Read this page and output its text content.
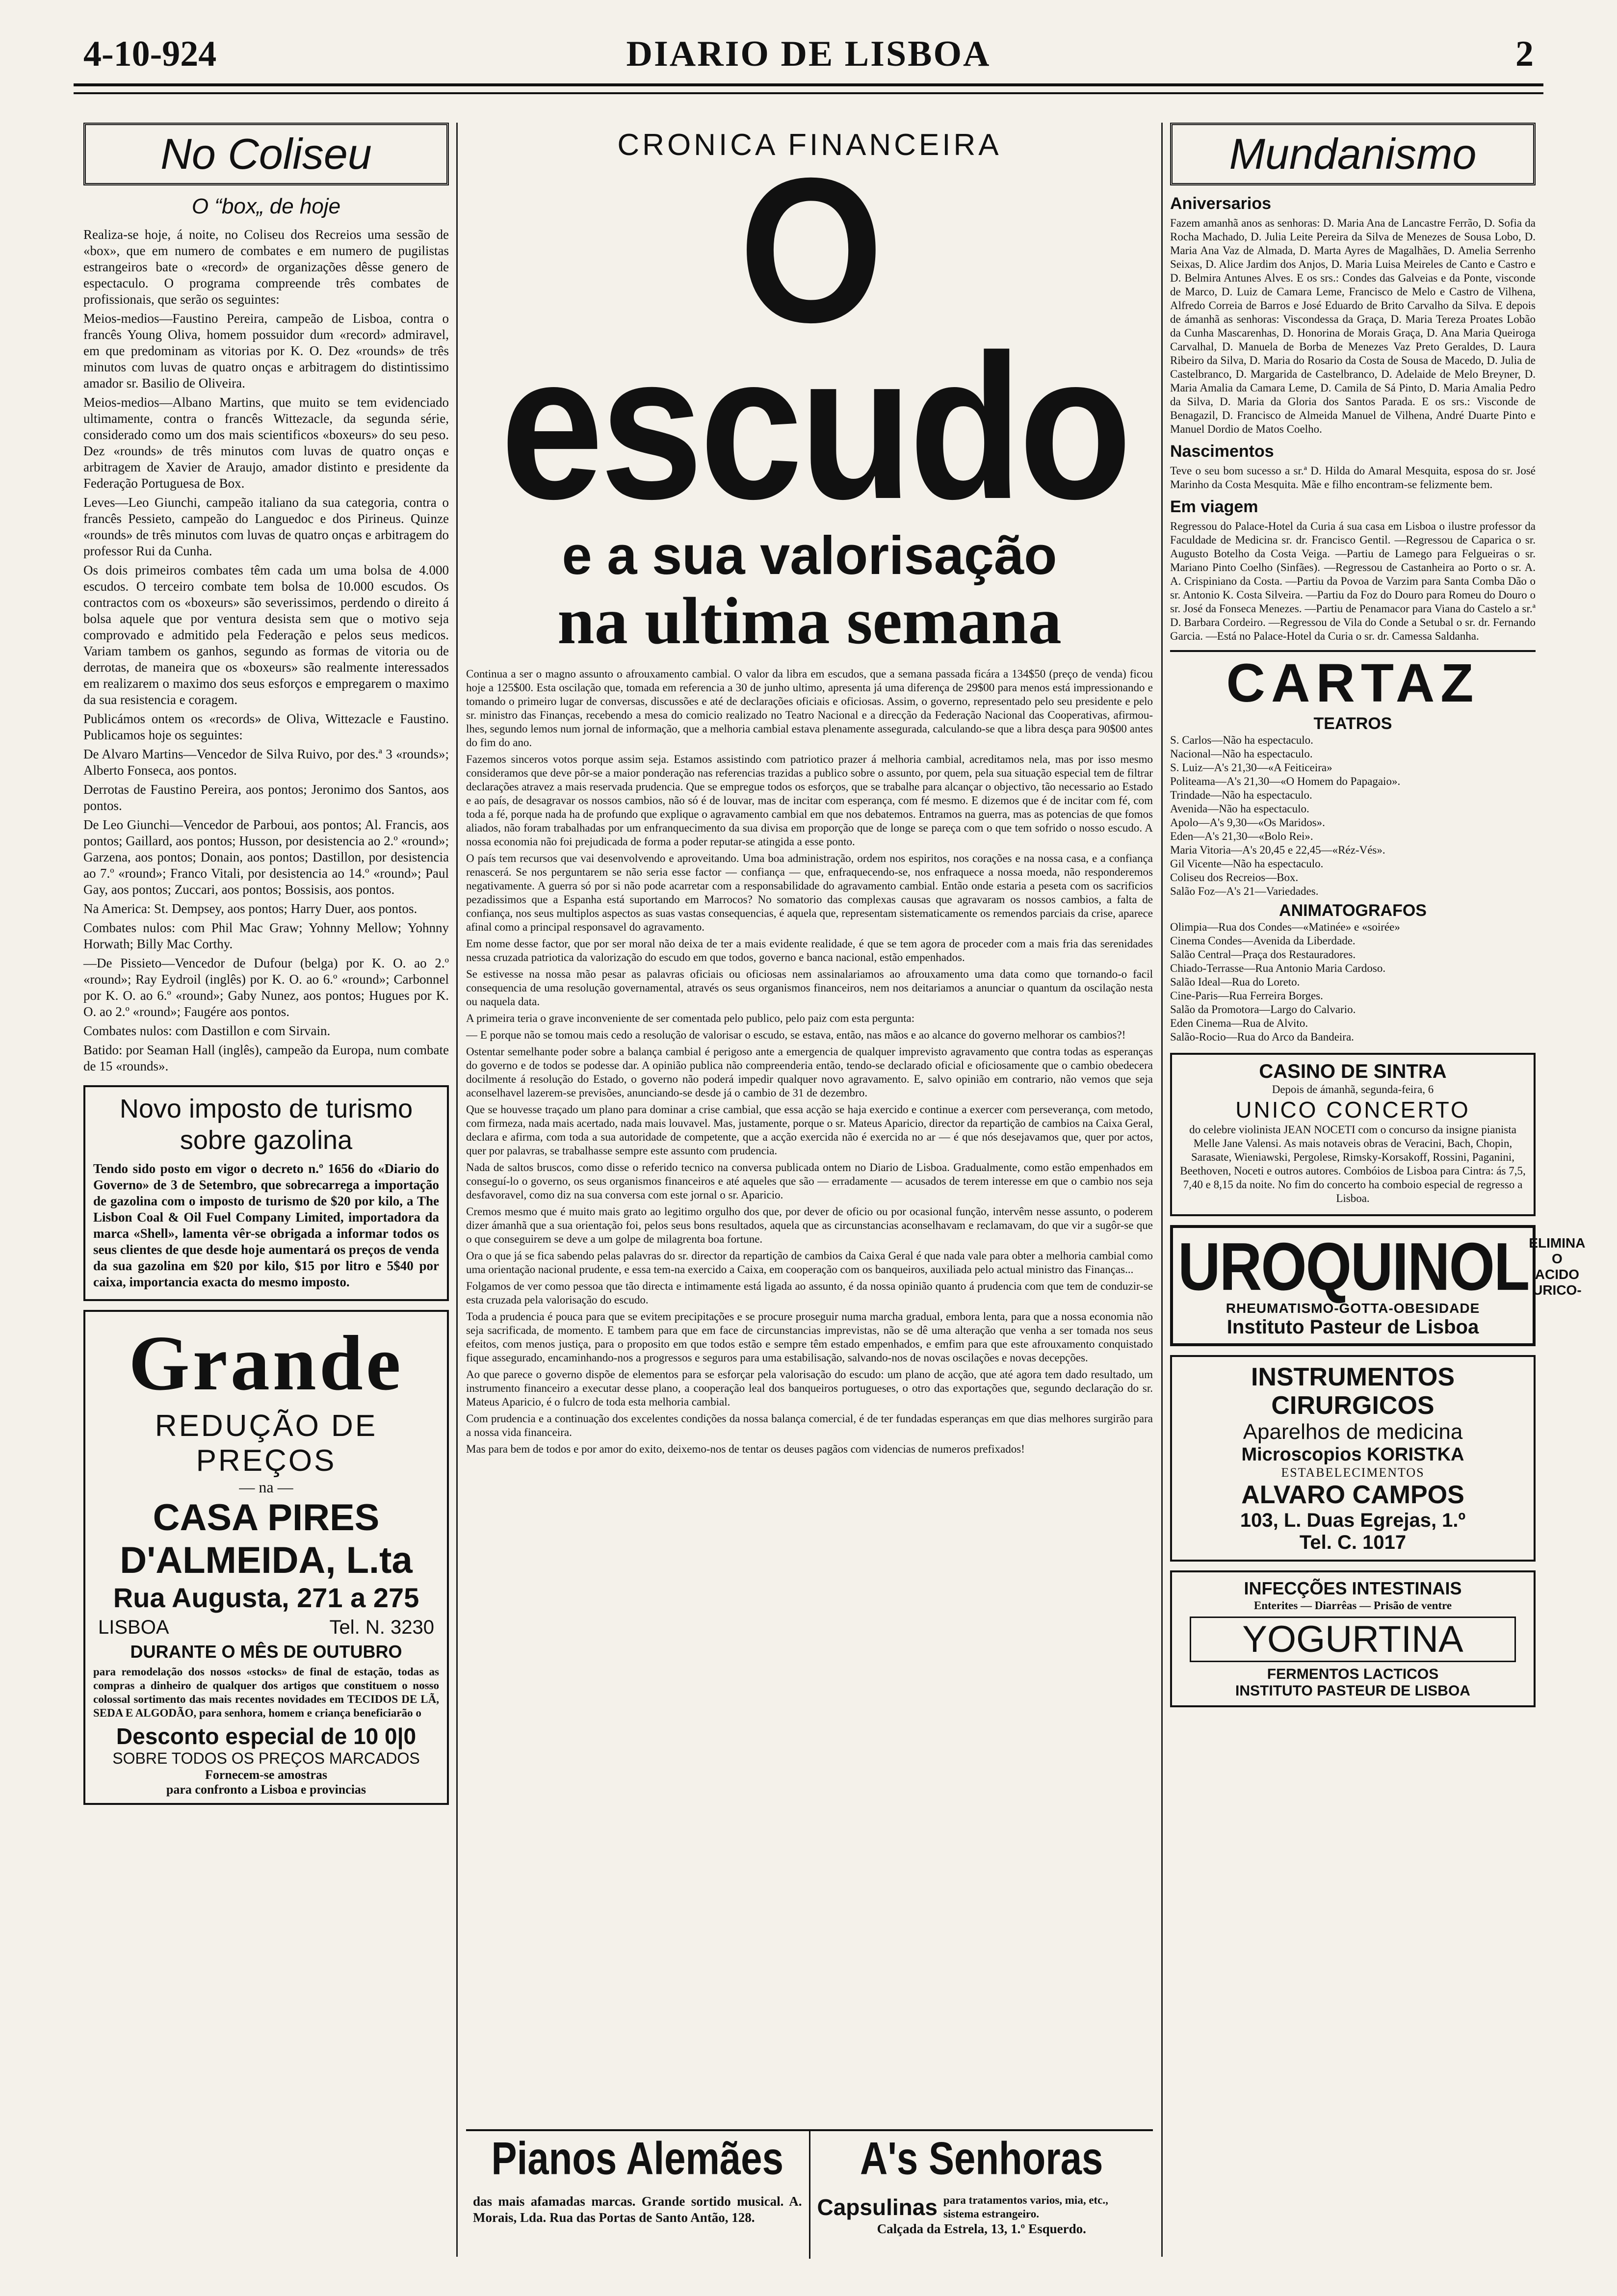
4-10-924	DIARIO DE LISBOA	2
No Coliseu
O “box„ de hoje

Realiza-se hoje, á noite, no Coliseu dos Recreios uma sessão de «box», que em numero de combates e em numero de pugilistas estrangeiros bate o «record» de organizações dêsse genero de espectaculo. O programa compreende três combates de profissionais, que serão os seguintes:

Meios-medios—Faustino Pereira, campeão de Lisboa, contra o francês Young Oliva, homem possuidor dum «record» admiravel, em que predominam as vitorias por K. O. Dez «rounds» de três minutos com luvas de quatro onças e arbitragem do distintissimo amador sr. Basilio de Oliveira.

Meios-medios—Albano Martins, que muito se tem evidenciado ultimamente, contra o francês Wittezacle, da segunda série, considerado como um dos mais scientificos «boxeurs» do seu peso. Dez «rounds» de três minutos com luvas de quatro onças e arbitragem de Xavier de Araujo, amador distinto e presidente da Federação Portuguesa de Box.

Leves—Leo Giunchi, campeão italiano da sua categoria, contra o francês Pessieto, campeão do Languedoc e dos Pirineus. Quinze «rounds» de três minutos com luvas de quatro onças e arbitragem do professor Rui da Cunha.

Os dois primeiros combates têm cada um uma bolsa de 4.000 escudos. O terceiro combate tem bolsa de 10.000 escudos. Os contractos com os «boxeurs» são severissimos, perdendo o direito á bolsa aquele que por ventura desista sem que o motivo seja comprovado e admitido pela Federação e pelos seus medicos. Variam tambem os ganhos, segundo as formas de vitoria ou de derrotas, de maneira que os «boxeurs» são realmente interessados em realizarem o maximo dos seus esforços e empregarem o maximo da sua resistencia e coragem.

Publicámos ontem os «records» de Oliva, Wittezacle e Faustino. Publicamos hoje os seguintes:

De Alvaro Martins—Vencedor de Silva Ruivo, por des.ª 3 «rounds»; Alberto Fonseca, aos pontos.

Derrotas de Faustino Pereira, aos pontos; Jeronimo dos Santos, aos pontos.

De Leo Giunchi—Vencedor de Parboui, aos pontos; Al. Francis, aos pontos; Gaillard, aos pontos; Husson, por desistencia ao 2.º «round»; Garzena, aos pontos; Donain, aos pontos; Dastillon, por desistencia ao 7.º «round»; Franco Vitali, por desistencia ao 14.º «round»; Paul Gay, aos pontos; Zuccari, aos pontos; Bossisis, aos pontos.

Na America: St. Dempsey, aos pontos; Harry Duer, aos pontos.

Combates nulos: com Phil Mac Graw; Yohnny Mellow; Yohnny Horwath; Billy Mac Corthy.

—De Pissieto—Vencedor de Dufour (belga) por K. O. ao 2.º «round»; Ray Eydroil (inglês) por K. O. ao 6.º «round»; Carbonnel por K. O. ao 6.º «round»; Gaby Nunez, aos pontos; Hugues por K. O. ao 2.º «round»; Faugére aos pontos.

Combates nulos: com Dastillon e com Sirvain.

Batido: por Seaman Hall (inglês), campeão da Europa, num combate de 15 «rounds».

Novo imposto de turismo
sobre gazolina

Tendo sido posto em vigor o decreto n.º 1656 do «Diario do Governo» de 3 de Setembro, que sobrecarrega a importação de gazolina com o imposto de turismo de $20 por kilo, a The Lisbon Coal & Oil Fuel Company Limited, importadora da marca «Shell», lamenta vêr-se obrigada a informar todos os seus clientes de que desde hoje aumentará os preços de venda da sua gazolina em $20 por kilo, $15 por litro e 5$40 por caixa, importancia exacta do mesmo imposto.

Grande
REDUÇÃO DE PREÇOS
— na —
CASA PIRES D'ALMEIDA, L.ta
Rua Augusta, 271 a 275
LISBOA	Tel. N. 3230
DURANTE O MÊS DE OUTUBRO

para remodelação dos nossos «stocks» de final de estação, todas as compras a dinheiro de qualquer dos artigos que constituem o nosso colossal sortimento das mais recentes novidades em TECIDOS DE LÃ, SEDA E ALGODÃO, para senhora, homem e criança beneficiarão o

Desconto especial de 10 0|0
SOBRE TODOS OS PREÇOS MARCADOS
Fornecem-se amostras
para confronto a Lisboa e provincias
CRONICA FINANCEIRA
O escudo
e a sua valorisação
na ultima semana

Continua a ser o magno assunto o afrouxamento cambial. O valor da libra em escudos, que a semana passada ficára a 134$50 (preço de venda) ficou hoje a 125$00. Esta oscilação que, tomada em referencia a 30 de junho ultimo, apresenta já uma diferença de 29$00 para menos está impressionando e tomando o primeiro lugar de conversas, discussões e até de declarações oficiais e oficiosas. Assim, o governo, representado pelo seu presidente e pelo sr. ministro das Finanças, recebendo a mesa do comicio realizado no Teatro Nacional e a direcção da Federação Nacional das Cooperativas, afirmou-lhes, segundo lemos num jornal de informação, que a melhoria cambial estava plenamente assegurada, calculando-se que a libra desça para 90$00 antes do fim do ano.

Fazemos sinceros votos porque assim seja. Estamos assistindo com patriotico prazer á melhoria cambial, acreditamos nela, mas por isso mesmo consideramos que deve pôr-se a maior ponderação nas referencias trazidas a publico sobre o assunto, por quem, pela sua situação especial tem de filtrar declarações atravez a mais reservada prudencia. Que se empregue todos os esforços, que se trabalhe para alcançar o objectivo, tão necessario ao Estado e ao país, de desagravar os nossos cambios, não só é de louvar, mas de incitar com esperança, com fé mesmo. E dizemos que é de incitar com fé, com toda a fé, porque nada ha de profundo que explique o agravamento cambial em que nos debatemos. Entramos na guerra, mas as potencias de que fomos aliados, não foram trabalhadas por um enfranquecimento da sua divisa em proporção que de longe se pareça com o que tem sofrido o nosso escudo. A nossa economia não foi prejudicada de forma a poder reputar-se atingida a esse ponto.

O país tem recursos que vai desenvolvendo e aproveitando. Uma boa administração, ordem nos espiritos, nos corações e na nossa casa, e a confiança renascerá. Se nos perguntarem se não seria esse factor — confiança — que, enfraquecendo-se, nos enfraquece a nossa moeda, não responderemos negativamente. A guerra só por si não pode acarretar com a responsabilidade do agravamento cambial. Então onde estaria a peseta com os sacrificios pezadissimos que a Espanha está suportando em Marrocos? No somatorio das complexas causas que agravaram os nossos cambios, a falta de confiança, nos seus multiplos aspectos as suas vastas consequencias, é aquela que, representam sistematicamente os remendos parciais da crise, aparece afinal como a principal responsavel do agravamento.

Em nome desse factor, que por ser moral não deixa de ter a mais evidente realidade, é que se tem agora de proceder com a mais fria das serenidades nessa cruzada patriotica da valorização do escudo em que todos, governo e banca nacional, estão empenhados.

Se estivesse na nossa mão pesar as palavras oficiais ou oficiosas nem assinalariamos ao afrouxamento uma data como que tornando-o facil consequencia de uma resolução governamental, através os seus organismos financeiros, nem nos deitariamos a anunciar o quantum da oscilação nesta ou naquela data.

A primeira teria o grave inconveniente de ser comentada pelo publico, pelo paiz com esta pergunta:

— E porque não se tomou mais cedo a resolução de valorisar o escudo, se estava, então, nas mãos e ao alcance do governo melhorar os cambios?!

Ostentar semelhante poder sobre a balança cambial é perigoso ante a emergencia de qualquer imprevisto agravamento que contra todas as esperanças do governo e de todos se podesse dar. A opinião publica não compreenderia então, tendo-se declarado oficial e oficiosamente que o cambio obedecera docilmente á resolução do Estado, o governo não poderá impedir qualquer novo agravamento. E, salvo opinião em contrario, não vemos que seja aconselhavel lazerem-se previsões, anunciando-se desde já o cambio de 31 de dezembro.

Que se houvesse traçado um plano para dominar a crise cambial, que essa acção se haja exercido e continue a exercer com perseverança, com metodo, com firmeza, nada mais acertado, nada mais louvavel. Mas, justamente, porque o sr. Mateus Aparicio, director da repartição de cambios na Caixa Geral, declara e afirma, com toda a sua autoridade de competente, que a acção exercida não é exercida no ar — é que nós desejavamos que, quer por actos, quer por palavras, se trabalhasse sempre este assunto com prudencia.

Nada de saltos bruscos, como disse o referido tecnico na conversa publicada ontem no Diario de Lisboa. Gradualmente, como estão empenhados em conseguí-lo o governo, os seus organismos financeiros e até aqueles que são — erradamente — acusados de terem interesse em que o cambio nos seja desfavoravel, como diz na sua conversa com este jornal o sr. Aparicio.

Cremos mesmo que é muito mais grato ao legitimo orgulho dos que, por dever de oficio ou por ocasional função, intervêm nesse assunto, o poderem dizer ámanhã que a sua orientação foi, pelos seus bons resultados, aquela que as circunstancias aconselhavam e reclamavam, do que vir a sugôr-se que o que conseguirem se deve a um golpe de milagrenta boa fortune.

Ora o que já se fica sabendo pelas palavras do sr. director da repartição de cambios da Caixa Geral é que nada vale para obter a melhoria cambial como uma orientação nacional prudente, e essa tem-na exercido a Caixa, em cooperação com os banqueiros, auxiliada pelo actual ministro das Finanças...

Folgamos de ver como pessoa que tão directa e intimamente está ligada ao assunto, é da nossa opinião quanto á prudencia com que tem de conduzir-se esta cruzada pela valorisação do escudo.

Toda a prudencia é pouca para que se evitem precipitações e se procure proseguir numa marcha gradual, embora lenta, para que a nossa economia não seja sacrificada, de momento. E tambem para que em face de circunstancias imprevistas, não se dê uma alteração que venha a ser tomada nos seus efeitos, com menos justiça, para o proposito em que todos estão e sempre têm estado empenhados, e emfim para que este afrouxamento conquistado fique assegurado, encaminhando-nos a progressos e seguros para uma estabilisação, salvando-nos de novas oscilações e novas decepções.

Ao que parece o governo dispõe de elementos para se esforçar pela valorisação do escudo: um plano de acção, que até agora tem dado resultado, um instrumento financeiro a executar desse plano, a cooperação leal dos banqueiros portugueses, o otro das exportações que, segundo declaração do sr. Mateus Aparicio, é o fulcro de toda esta melhoria cambial.

Com prudencia e a continuação dos excelentes condições da nossa balança comercial, é de ter fundadas esperanças em que dias melhores surgirão para a nossa vida financeira.

Mas para bem de todos e por amor do exito, deixemo-nos de tentar os deuses pagãos com videncias de numeros prefixados!

Pianos Alemães

das mais afamadas marcas. Grande sortido musical. A. Morais, Lda. Rua das Portas de Santo Antão, 128.

A's Senhoras
Capsulinas para tratamentos varios, mia, etc., sistema estrangeiro.
Calçada da Estrela, 13, 1.º Esquerdo.
Mundanismo
Aniversarios

Fazem amanhã anos as senhoras: D. Maria Ana de Lancastre Ferrão, D. Sofia da Rocha Machado, D. Julia Leite Pereira da Silva de Menezes de Sousa Lobo, D. Maria Ana Vaz de Almada, D. Marta Ayres de Magalhães, D. Amelia Serrenho Seixas, D. Alice Jardim dos Anjos, D. Maria Luisa Meireles de Canto e Castro e D. Belmira Antunes Alves. E os srs.: Condes das Galveias e da Ponte, visconde de Marco, D. Luiz de Camara Leme, Francisco de Melo e Castro de Vilhena, Alfredo Correia de Barros e José Eduardo de Brito Carvalho da Silva. E depois de ámanhã as senhoras: Viscondessa da Graça, D. Maria Tereza Proates Lobão da Cunha Mascarenhas, D. Honorina de Morais Graça, D. Ana Maria Queiroga Carvalhal, D. Manuela de Borba de Menezes Vaz Preto Geraldes, D. Laura Ribeiro da Silva, D. Maria do Rosario da Costa de Sousa de Macedo, D. Julia de Castelbranco, D. Margarida de Castelbranco, D. Adelaide de Melo Breyner, D. Maria Amalia da Camara Leme, D. Camila de Sá Pinto, D. Maria Amalia Pedro da Silva, D. Maria da Gloria dos Santos Parada. E os srs.: Visconde de Benagazil, D. Francisco de Almeida Manuel de Vilhena, André Duarte Pinto e Manuel Dordio de Matos Coelho.

Nascimentos

Teve o seu bom sucesso a sr.ª D. Hilda do Amaral Mesquita, esposa do sr. José Marinho da Costa Mesquita. Mãe e filho encontram-se felizmente bem.

Em viagem

Regressou do Palace-Hotel da Curia á sua casa em Lisboa o ilustre professor da Faculdade de Medicina sr. dr. Francisco Gentil. —Regressou de Caparica o sr. Augusto Botelho da Costa Veiga. —Partiu de Lamego para Felgueiras o sr. Mariano Pinto Coelho (Sinfães). —Regressou de Castanheira ao Porto o sr. A. A. Crispiniano da Costa. —Partiu da Povoa de Varzim para Santa Comba Dão o sr. Antonio K. Costa Silveira. —Partiu da Foz do Douro para Romeu do Douro o sr. José da Fonseca Menezes. —Partiu de Penamacor para Viana do Castelo a sr.ª D. Barbara Cordeiro. —Regressou de Vila do Conde a Setubal o sr. dr. Fernando Garcia. —Está no Palace-Hotel da Curia o sr. dr. Camessa Saldanha.

CARTAZ
TEATROS
S. Carlos—Não ha espectaculo.
Nacional—Não ha espectaculo.
S. Luiz—A's 21,30—«A Feiticeira»
Politeama—A's 21,30—«O Homem do Papagaio».
Trindade—Não ha espectaculo.
Avenida—Não ha espectaculo.
Apolo—A's 9,30—«Os Maridos».
Eden—A's 21,30—«Bolo Rei».
Maria Vitoria—A's 20,45 e 22,45—«Réz-Vés».
Gil Vicente—Não ha espectaculo.
Coliseu dos Recreios—Box.
Salão Foz—A's 21—Variedades.
ANIMATOGRAFOS
Olimpia—Rua dos Condes—«Matinée» e «soirée»
Cinema Condes—Avenida da Liberdade.
Salão Central—Praça dos Restauradores.
Chiado-Terrasse—Rua Antonio Maria Cardoso.
Salão Ideal—Rua do Loreto.
Cine-Paris—Rua Ferreira Borges.
Salão da Promotora—Largo do Calvario.
Eden Cinema—Rua de Alvito.
Salão-Rocio—Rua do Arco da Bandeira.
CASINO DE SINTRA
Depois de ámanhã, segunda-feira, 6
UNICO CONCERTO

do celebre violinista JEAN NOCETI com o concurso da insigne pianista Melle Jane Valensi. As mais notaveis obras de Veracini, Bach, Chopin, Sarasate, Wieniawski, Pergolese, Rimsky-Korsakoff, Rossini, Paganini, Beethoven, Noceti e outros autores. Combóios de Lisboa para Cintra: ás 7,5, 7,40 e 8,15 da noite. No fim do concerto ha comboio especial de regresso a Lisboa.

UROQUINOL ELIMINA
O ACIDO
URICO-
RHEUMATISMO-GOTTA-OBESIDADE
Instituto Pasteur de Lisboa
INSTRUMENTOS CIRURGICOS
Aparelhos de medicina
Microscopios KORISTKA
ESTABELECIMENTOS
ALVARO CAMPOS
103, L. Duas Egrejas, 1.º
Tel. C. 1017
INFECÇÕES INTESTINAIS
Enterites — Diarrêas — Prisão de ventre
YOGURTINA
FERMENTOS LACTICOS
INSTITUTO PASTEUR DE LISBOA
